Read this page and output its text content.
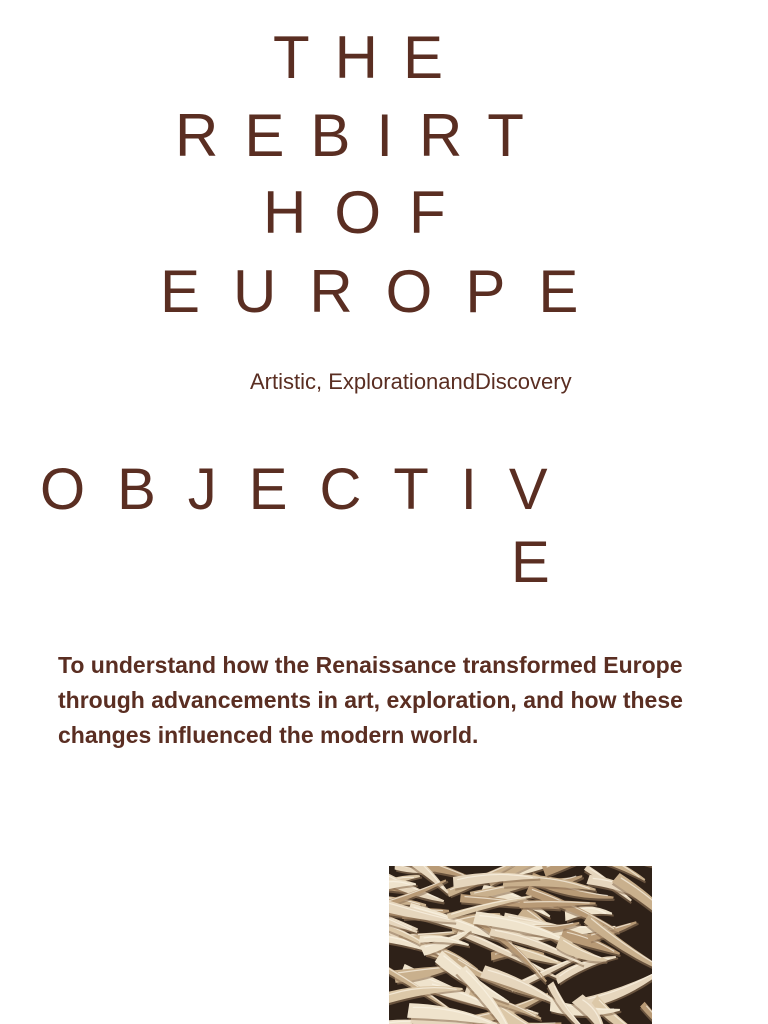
THE
REBIRT
HOF
EUROPE

Artistic, ExplorationandDiscovery

OBJECTIV
E

To understand how the Renaissance transformed Europe through advancements in art, exploration, and how these changes influenced the modern world.
